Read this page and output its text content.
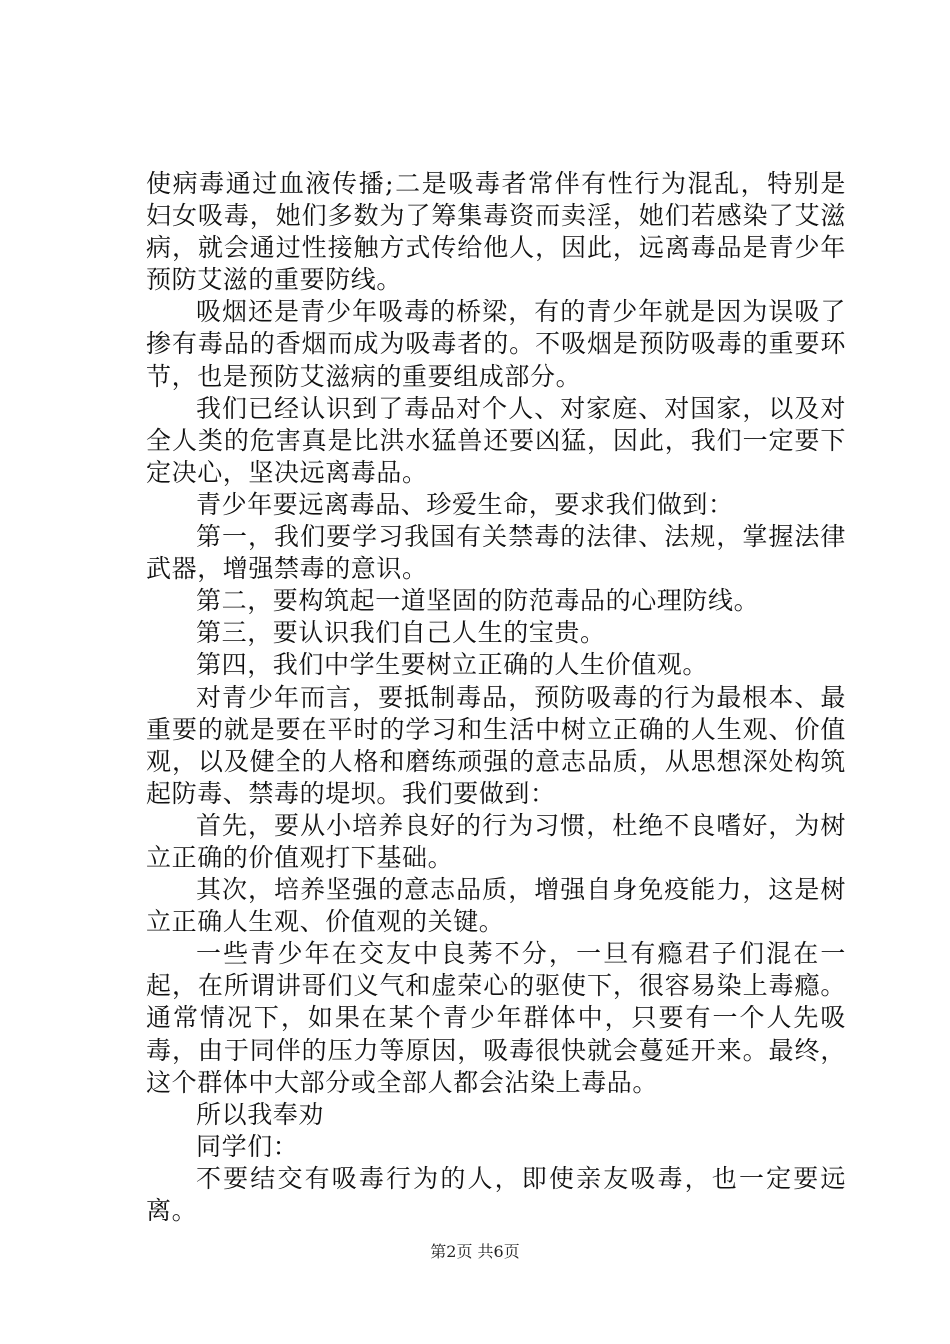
使病毒通过血液传播;二是吸毒者常伴有性行为混乱，特别是妇女吸毒，她们多数为了筹集毒资而卖淫，她们若感染了艾滋病，就会通过性接触方式传给他人，因此，远离毒品是青少年预防艾滋的重要防线。

吸烟还是青少年吸毒的桥梁，有的青少年就是因为误吸了掺有毒品的香烟而成为吸毒者的。不吸烟是预防吸毒的重要环节，也是预防艾滋病的重要组成部分。

我们已经认识到了毒品对个人、对家庭、对国家，以及对全人类的危害真是比洪水猛兽还要凶猛，因此，我们一定要下定决心，坚决远离毒品。

青少年要远离毒品、珍爱生命，要求我们做到：

第一，我们要学习我国有关禁毒的法律、法规，掌握法律武器，增强禁毒的意识。

第二，要构筑起一道坚固的防范毒品的心理防线。

第三，要认识我们自己人生的宝贵。

第四，我们中学生要树立正确的人生价值观。

对青少年而言，要抵制毒品，预防吸毒的行为最根本、最重要的就是要在平时的学习和生活中树立正确的人生观、价值观，以及健全的人格和磨练顽强的意志品质，从思想深处构筑起防毒、禁毒的堤坝。我们要做到：

首先，要从小培养良好的行为习惯，杜绝不良嗜好，为树立正确的价值观打下基础。

其次，培养坚强的意志品质，增强自身免疫能力，这是树立正确人生观、价值观的关键。

一些青少年在交友中良莠不分，一旦有瘾君子们混在一起，在所谓讲哥们义气和虚荣心的驱使下，很容易染上毒瘾。通常情况下，如果在某个青少年群体中，只要有一个人先吸毒，由于同伴的压力等原因，吸毒很快就会蔓延开来。最终，这个群体中大部分或全部人都会沾染上毒品。

所以我奉劝

同学们：

不要结交有吸毒行为的人，即使亲友吸毒，也一定要远离。

第2页 共6页
